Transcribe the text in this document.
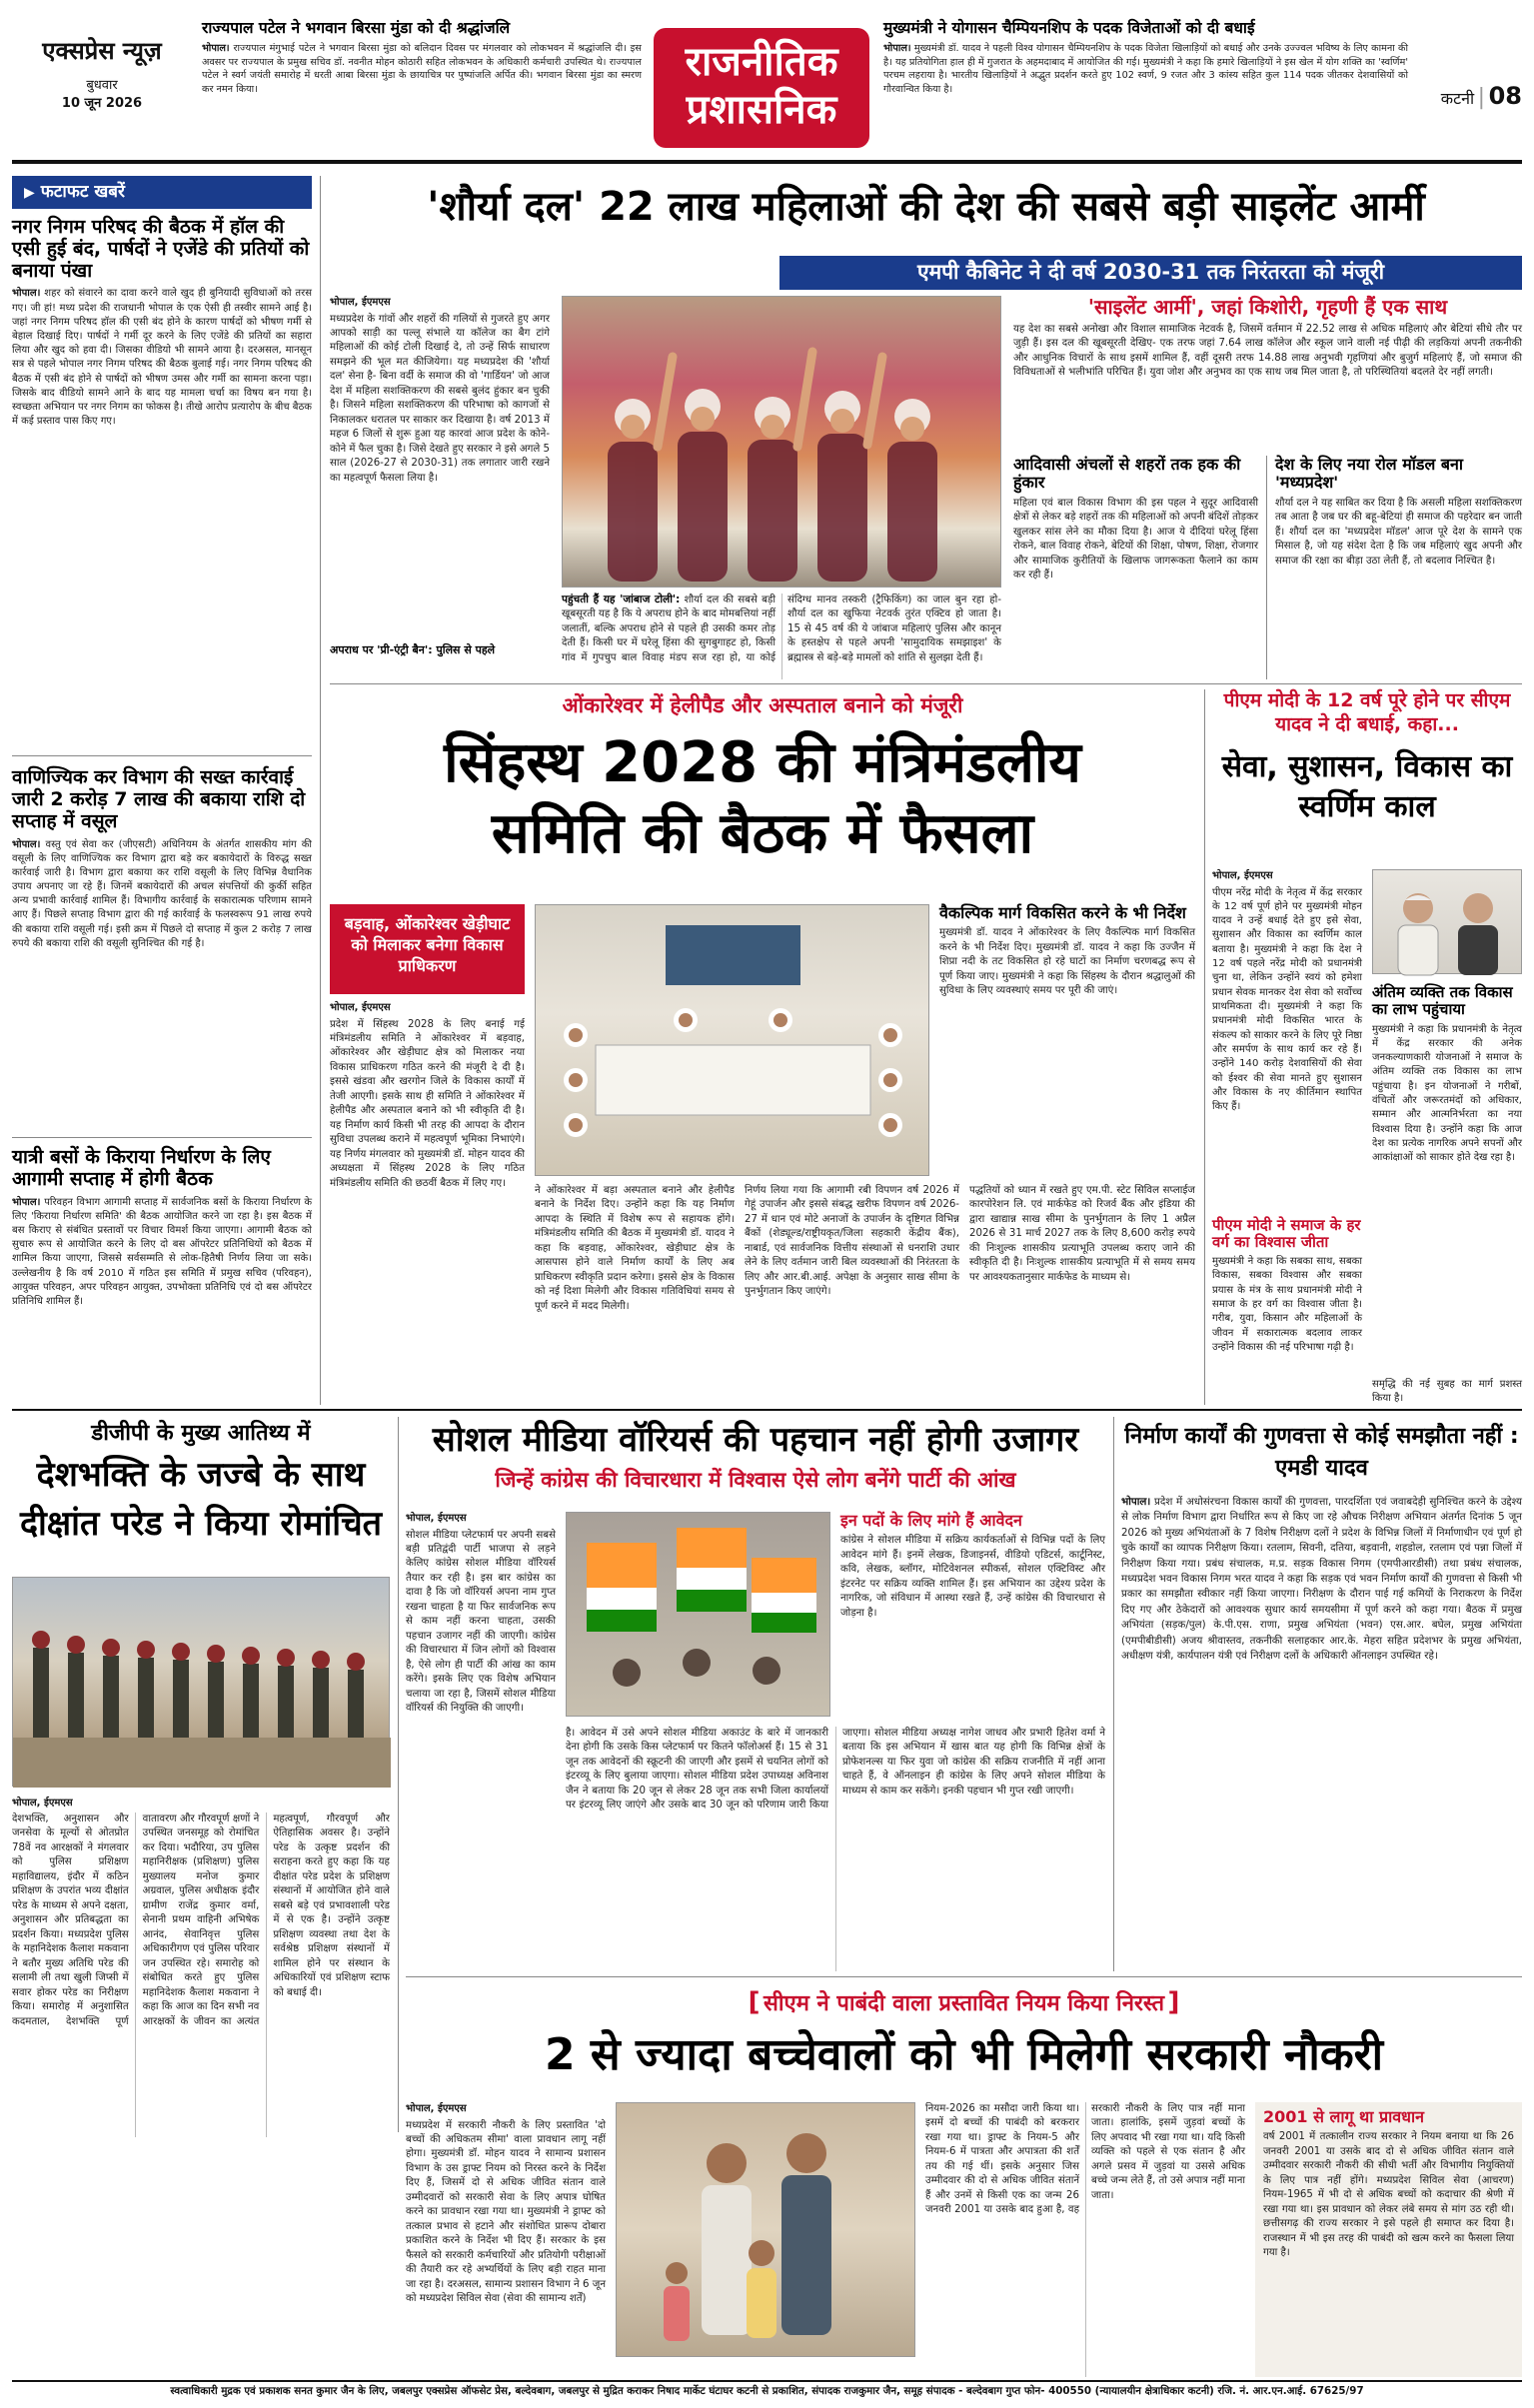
एक्सप्रेस न्यूज़
बुधवार
10 जून 2026
राज्यपाल पटेल ने भगवान बिरसा मुंडा को दी श्रद्धांजलि
भोपाल। राज्यपाल मंगुभाई पटेल ने भगवान बिरसा मुंडा को बलिदान दिवस पर मंगलवार को लोकभवन में श्रद्धांजलि दी। इस अवसर पर राज्यपाल के प्रमुख सचिव डॉ. नवनीत मोहन कोठारी सहित लोकभवन के अधिकारी कर्मचारी उपस्थित थे। राज्यपाल पटेल ने स्वर्ग जयंती समारोह में धरती आबा बिरसा मुंडा के छायाचित्र पर पुष्पांजलि अर्पित की। भगवान बिरसा मुंडा का स्मरण कर नमन किया।
राजनीतिक
प्रशासनिक
मुख्यमंत्री ने योगासन चैम्पियनशिप के पदक विजेताओं को दी बधाई
भोपाल। मुख्यमंत्री डॉ. यादव ने पहली विश्व योगासन चैम्पियनशिप के पदक विजेता खिलाड़ियों को बधाई और उनके उज्ज्वल भविष्य के लिए कामना की है। यह प्रतियोगिता हाल ही में गुजरात के अहमदाबाद में आयोजित की गई। मुख्यमंत्री ने कहा कि हमारे खिलाड़ियों ने इस खेल में योग शक्ति का 'स्वर्णिम' परचम लहराया है। भारतीय खिलाड़ियों ने अद्भुत प्रदर्शन करते हुए 102 स्वर्ण, 9 रजत और 3 कांस्य सहित कुल 114 पदक जीतकर देशवासियों को गौरवान्वित किया है।	कटनी | 08
▶ फटाफट खबरें
नगर निगम परिषद की बैठक में हॉल की एसी हुई बंद, पार्षदों ने एजेंडे की प्रतियों को बनाया पंखा
भोपाल। शहर को संवारने का दावा करने वाले खुद ही बुनियादी सुविधाओं को तरस गए। जी हां! मध्य प्रदेश की राजधानी भोपाल के एक ऐसी ही तस्वीर सामने आई है। जहां नगर निगम परिषद हॉल की एसी बंद होने के कारण पार्षदों को भीषण गर्मी से बेहाल दिखाई दिए। पार्षदों ने गर्मी दूर करने के लिए एजेंडे की प्रतियों का सहारा लिया और खुद को हवा दी। जिसका वीडियो भी सामने आया है। दरअसल, मानसून सत्र से पहले भोपाल नगर निगम परिषद की बैठक बुलाई गई। नगर निगम परिषद की बैठक में एसी बंद होने से पार्षदों को भीषण उमस और गर्मी का सामना करना पड़ा। जिसके बाद वीडियो सामने आने के बाद यह मामला चर्चा का विषय बन गया है। स्वच्छता अभियान पर नगर निगम का फोकस है। तीखे आरोप प्रत्यारोप के बीच बैठक में कई प्रस्ताव पास किए गए।
वाणिज्यिक कर विभाग की सख्त कार्रवाई जारी 2 करोड़ 7 लाख की बकाया राशि दो सप्ताह में वसूल
भोपाल। वस्तु एवं सेवा कर (जीएसटी) अधिनियम के अंतर्गत शासकीय मांग की वसूली के लिए वाणिज्यिक कर विभाग द्वारा बड़े कर बकायेदारों के विरुद्ध सख्त कार्रवाई जारी है। विभाग द्वारा बकाया कर राशि वसूली के लिए विभिन्न वैधानिक उपाय अपनाए जा रहे हैं। जिनमें बकायेदारों की अचल संपत्तियों की कुर्की सहित अन्य प्रभावी कार्रवाई शामिल हैं। विभागीय कार्रवाई के सकारात्मक परिणाम सामने आए हैं। पिछले सप्ताह विभाग द्वारा की गई कार्रवाई के फलस्वरूप 91 लाख रुपये की बकाया राशि वसूली गई। इसी क्रम में पिछले दो सप्ताह में कुल 2 करोड़ 7 लाख रुपये की बकाया राशि की वसूली सुनिश्चित की गई है।
यात्री बसों के किराया निर्धारण के लिए आगामी सप्ताह में होगी बैठक
भोपाल। परिवहन विभाग आगामी सप्ताह में सार्वजनिक बसों के किराया निर्धारण के लिए 'किराया निर्धारण समिति' की बैठक आयोजित करने जा रहा है। इस बैठक में बस किराए से संबंधित प्रस्तावों पर विचार विमर्श किया जाएगा। आगामी बैठक को सुचारु रूप से आयोजित करने के लिए दो बस ऑपरेटर प्रतिनिधियों को बैठक में शामिल किया जाएगा, जिससे सर्वसम्मति से लोक-हितैषी निर्णय लिया जा सके। उल्लेखनीय है कि वर्ष 2010 में गठित इस समिति में प्रमुख सचिव (परिवहन), आयुक्त परिवहन, अपर परिवहन आयुक्त, उपभोक्ता प्रतिनिधि एवं दो बस ऑपरेटर प्रतिनिधि शामिल हैं।
'शौर्या दल' 22 लाख महिलाओं की देश की सबसे बड़ी साइलेंट आर्मी
एमपी कैबिनेट ने दी वर्ष 2030-31 तक निरंतरता को मंजूरी
भोपाल, ईएमएस
मध्यप्रदेश के गांवों और शहरों की गलियों से गुजरते हुए अगर आपको साड़ी का पल्लू संभाले या कॉलेज का बैग टांगे महिलाओं की कोई टोली दिखाई दे, तो उन्हें सिर्फ साधारण समझने की भूल मत कीजियेगा। यह मध्यप्रदेश की 'शौर्या दल' सेना है- बिना वर्दी के समाज की वो 'गार्डियन' जो आज देश में महिला सशक्तिकरण की सबसे बुलंद हुंकार बन चुकी है। जिसने महिला सशक्तिकरण की परिभाषा को कागजों से निकालकर धरातल पर साकार कर दिखाया है। वर्ष 2013 में महज 6 जिलों से शुरू हुआ यह कारवां आज प्रदेश के कोने-कोने में फैल चुका है। जिसे देखते हुए सरकार ने इसे अगले 5 साल (2026-27 से 2030-31) तक लगातार जारी रखने का महत्वपूर्ण फैसला लिया है।
अपराध पर 'प्री-एंट्री बैन': पुलिस से पहले
पहुंचती हैं यह 'जांबाज टोली': शौर्या दल की सबसे बड़ी खूबसूरती यह है कि ये अपराध होने के बाद मोमबत्तियां नहीं जलातीं, बल्कि अपराध होने से पहले ही उसकी कमर तोड़ देती हैं। किसी घर में घरेलू हिंसा की सुगबुगाहट हो, किसी गांव में गुपचुप बाल विवाह मंडप सज रहा हो, या कोई संदिग्ध मानव तस्करी (ट्रैफिकिंग) का जाल बुन रहा हो-शौर्या दल का खुफिया नेटवर्क तुरंत एक्टिव हो जाता है। 15 से 45 वर्ष की ये जांबाज महिलाएं पुलिस और कानून के हस्तक्षेप से पहले अपनी 'सामुदायिक समझाइश' के ब्रह्मास्त्र से बड़े-बड़े मामलों को शांति से सुलझा देती हैं।
'साइलेंट आर्मी', जहां किशोरी, गृहणी हैं एक साथ
यह देश का सबसे अनोखा और विशाल सामाजिक नेटवर्क है, जिसमें वर्तमान में 22.52 लाख से अधिक महिलाएं और बेटियां सीधे तौर पर जुड़ी हैं। इस दल की खूबसूरती देखिए- एक तरफ जहां 7.64 लाख कॉलेज और स्कूल जाने वाली नई पीढ़ी की लड़कियां अपनी तकनीकी और आधुनिक विचारों के साथ इसमें शामिल हैं, वहीं दूसरी तरफ 14.88 लाख अनुभवी गृहणियां और बुजुर्ग महिलाएं हैं, जो समाज की विविधताओं से भलीभांति परिचित हैं। युवा जोश और अनुभव का एक साथ जब मिल जाता है, तो परिस्थितियां बदलते देर नहीं लगती।
आदिवासी अंचलों से शहरों तक हक की हुंकार
महिला एवं बाल विकास विभाग की इस पहल ने सुदूर आदिवासी क्षेत्रों से लेकर बड़े शहरों तक की महिलाओं को अपनी बंदिशें तोड़कर खुलकर सांस लेने का मौका दिया है। आज ये दीदियां घरेलू हिंसा रोकने, बाल विवाह रोकने, बेटियों की शिक्षा, पोषण, शिक्षा, रोजगार और सामाजिक कुरीतियों के खिलाफ जागरूकता फैलाने का काम कर रही हैं।
देश के लिए नया रोल मॉडल बना 'मध्यप्रदेश'
शौर्या दल ने यह साबित कर दिया है कि असली महिला सशक्तिकरण तब आता है जब घर की बहू-बेटियां ही समाज की पहरेदार बन जाती हैं। शौर्या दल का 'मध्यप्रदेश मॉडल' आज पूरे देश के सामने एक मिसाल है, जो यह संदेश देता है कि जब महिलाएं खुद अपनी और समाज की रक्षा का बीड़ा उठा लेती हैं, तो बदलाव निश्चित है।
ओंकारेश्वर में हेलीपैड और अस्पताल बनाने को मंजूरी
सिंहस्थ 2028 की मंत्रिमंडलीय
समिति की बैठक में फैसला
बड़वाह, ओंकारेश्वर खेड़ीघाट को मिलाकर बनेगा विकास प्राधिकरण
भोपाल, ईएमएस
प्रदेश में सिंहस्थ 2028 के लिए बनाई गई मंत्रिमंडलीय समिति ने ओंकारेश्वर में बड़वाह, ओंकारेश्वर और खेड़ीघाट क्षेत्र को मिलाकर नया विकास प्राधिकरण गठित करने की मंजूरी दे दी है। इससे खंडवा और खरगोन जिले के विकास कार्यों में तेजी आएगी। इसके साथ ही समिति ने ओंकारेश्वर में हेलीपैड और अस्पताल बनाने को भी स्वीकृति दी है। यह निर्माण कार्य किसी भी तरह की आपदा के दौरान सुविधा उपलब्ध कराने में महत्वपूर्ण भूमिका निभाएंगे। यह निर्णय मंगलवार को मुख्यमंत्री डॉ. मोहन यादव की अध्यक्षता में सिंहस्थ 2028 के लिए गठित मंत्रिमंडलीय समिति की छठवीं बैठक में लिए गए।
वैकल्पिक मार्ग विकसित करने के भी निर्देश
मुख्यमंत्री डॉ. यादव ने ओंकारेश्वर के लिए वैकल्पिक मार्ग विकसित करने के भी निर्देश दिए। मुख्यमंत्री डॉ. यादव ने कहा कि उज्जैन में शिप्रा नदी के तट विकसित हो रहे घाटों का निर्माण चरणबद्ध रूप से पूर्ण किया जाए। मुख्यमंत्री ने कहा कि सिंहस्थ के दौरान श्रद्धालुओं की सुविधा के लिए व्यवस्थाएं समय पर पूरी की जाएं।
ने ओंकारेश्वर में बड़ा अस्पताल बनाने और हेलीपैड बनाने के निर्देश दिए। उन्होंने कहा कि यह निर्माण आपदा के स्थिति में विशेष रूप से सहायक होंगे। मंत्रिमंडलीय समिति की बैठक में मुख्यमंत्री डॉ. यादव ने कहा कि बड़वाह, ओंकारेश्वर, खेड़ीघाट क्षेत्र के आसपास होने वाले निर्माण कार्यों के लिए अब प्राधिकरण स्वीकृति प्रदान करेगा। इससे क्षेत्र के विकास को नई दिशा मिलेगी और विकास गतिविधियां समय से पूर्ण करने में मदद मिलेगी।
निर्णय लिया गया कि आगामी रबी विपणन वर्ष 2026 में गेहूं उपार्जन और इससे संबद्ध खरीफ विपणन वर्ष 2026-27 में धान एवं मोटे अनाजों के उपार्जन के दृष्टिगत विभिन्न बैंकों (शेड्यूल्ड/राष्ट्रीयकृत/जिला सहकारी केंद्रीय बैंक), नाबार्ड, एवं सार्वजनिक वित्तीय संस्थाओं से धनराशि उधार लेने के लिए वर्तमान जारी बिल व्यवस्थाओं की निरंतरता के लिए और आर.बी.आई. अपेक्षा के अनुसार साख सीमा के पुनर्भुगतान किए जाएंगे।
पद्धतियों को ध्यान में रखते हुए एम.पी. स्टेट सिविल सप्लाईज कारपोरेशन लि. एवं मार्कफेड को रिजर्व बैंक और इंडिया की द्वारा खाद्यान्न साख सीमा के पुनर्भुगतान के लिए 1 अप्रैल 2026 से 31 मार्च 2027 तक के लिए 8,600 करोड़ रुपये की निःशुल्क शासकीय प्रत्याभूति उपलब्ध कराए जाने की स्वीकृति दी है। निःशुल्क शासकीय प्रत्याभूति में से समय समय पर आवश्यकतानुसार मार्कफेड के माध्यम से।
पीएम मोदी के 12 वर्ष पूरे होने पर सीएम यादव ने दी बधाई, कहा...
सेवा, सुशासन, विकास का स्वर्णिम काल
भोपाल, ईएमएस
पीएम नरेंद्र मोदी के नेतृत्व में केंद्र सरकार के 12 वर्ष पूर्ण होने पर मुख्यमंत्री मोहन यादव ने उन्हें बधाई देते हुए इसे सेवा, सुशासन और विकास का स्वर्णिम काल बताया है। मुख्यमंत्री ने कहा कि देश ने 12 वर्ष पहले नरेंद्र मोदी को प्रधानमंत्री चुना था, लेकिन उन्होंने स्वयं को हमेशा प्रधान सेवक मानकर देश सेवा को सर्वोच्च प्राथमिकता दी। मुख्यमंत्री ने कहा कि प्रधानमंत्री मोदी विकसित भारत के संकल्प को साकार करने के लिए पूरे निष्ठा और समर्पण के साथ कार्य कर रहे हैं। उन्होंने 140 करोड़ देशवासियों की सेवा को ईश्वर की सेवा मानते हुए सुशासन और विकास के नए कीर्तिमान स्थापित किए हैं।
पीएम मोदी ने समाज के हर वर्ग का विश्वास जीता
मुख्यमंत्री ने कहा कि सबका साथ, सबका विकास, सबका विश्वास और सबका प्रयास के मंत्र के साथ प्रधानमंत्री मोदी ने समाज के हर वर्ग का विश्वास जीता है। गरीब, युवा, किसान और महिलाओं के जीवन में सकारात्मक बदलाव लाकर उन्होंने विकास की नई परिभाषा गढ़ी है।
अंतिम व्यक्ति तक विकास का लाभ पहुंचाया
मुख्यमंत्री ने कहा कि प्रधानमंत्री के नेतृत्व में केंद्र सरकार की अनेक जनकल्याणकारी योजनाओं ने समाज के अंतिम व्यक्ति तक विकास का लाभ पहुंचाया है। इन योजनाओं ने गरीबों, वंचितों और जरूरतमंदों को अधिकार, सम्मान और आत्मनिर्भरता का नया विश्वास दिया है। उन्होंने कहा कि आज देश का प्रत्येक नागरिक अपने सपनों और आकांक्षाओं को साकार होते देख रहा है।
समृद्धि की नई सुबह का मार्ग प्रशस्त किया है।
डीजीपी के मुख्य आतिथ्य में
देशभक्ति के जज्बे के साथ
दीक्षांत परेड ने किया रोमांचित
भोपाल, ईएमएस
देशभक्ति, अनुशासन और जनसेवा के मूल्यों से ओतप्रोत 78वें नव आरक्षकों ने मंगलवार को पुलिस प्रशिक्षण महाविद्यालय, इंदौर में कठिन प्रशिक्षण के उपरांत भव्य दीक्षांत परेड के माध्यम से अपने दक्षता, अनुशासन और प्रतिबद्धता का प्रदर्शन किया। मध्यप्रदेश पुलिस के महानिदेशक कैलाश मकवाना ने बतौर मुख्य अतिथि परेड की सलामी ली तथा खुली जिप्सी में सवार होकर परेड का निरीक्षण किया। समारोह में अनुशासित कदमताल, देशभक्ति पूर्ण वातावरण और गौरवपूर्ण क्षणों ने उपस्थित जनसमूह को रोमांचित कर दिया। भदौरिया, उप पुलिस महानिरीक्षक (प्रशिक्षण) पुलिस मुख्यालय मनोज कुमार अग्रवाल, पुलिस अधीक्षक इंदौर ग्रामीण राजेंद्र कुमार वर्मा, सेनानी प्रथम वाहिनी अभिषेक आनंद, सेवानिवृत्त पुलिस अधिकारीगण एवं पुलिस परिवार जन उपस्थित रहे। समारोह को संबोधित करते हुए पुलिस महानिदेशक कैलाश मकवाना ने कहा कि आज का दिन सभी नव आरक्षकों के जीवन का अत्यंत महत्वपूर्ण, गौरवपूर्ण और ऐतिहासिक अवसर है। उन्होंने परेड के उत्कृष्ट प्रदर्शन की सराहना करते हुए कहा कि यह दीक्षांत परेड प्रदेश के प्रशिक्षण संस्थानों में आयोजित होने वाले सबसे बड़े एवं प्रभावशाली परेड में से एक है। उन्होंने उत्कृष्ट प्रशिक्षण व्यवस्था तथा देश के सर्वश्रेष्ठ प्रशिक्षण संस्थानों में शामिल होने पर संस्थान के अधिकारियों एवं प्रशिक्षण स्टाफ को बधाई दी।
सोशल मीडिया वॉरियर्स की पहचान नहीं होगी उजागर
जिन्हें कांग्रेस की विचारधारा में विश्वास ऐसे लोग बनेंगे पार्टी की आंख
भोपाल, ईएमएस
सोशल मीडिया प्लेटफार्म पर अपनी सबसे बड़ी प्रतिद्वंदी पार्टी भाजपा से लड़ने केलिए कांग्रेस सोशल मीडिया वॉरियर्स तैयार कर रही है। इस बार कांग्रेस का दावा है कि जो वॉरियर्स अपना नाम गुप्त रखना चाहता है या फिर सार्वजनिक रूप से काम नहीं करना चाहता, उसकी पहचान उजागर नहीं की जाएगी। कांग्रेस की विचारधारा में जिन लोगों को विश्वास है, ऐसे लोग ही पार्टी की आंख का काम करेंगे। इसके लिए एक विशेष अभियान चलाया जा रहा है, जिसमें सोशल मीडिया वॉरियर्स की नियुक्ति की जाएगी।
इन पदों के लिए मांगे हैं आवेदन
कांग्रेस ने सोशल मीडिया में सक्रिय कार्यकर्ताओं से विभिन्न पदों के लिए आवेदन मांगे हैं। इनमें लेखक, डिजाइनर्स, वीडियो एडिटर्स, कार्टूनिस्ट, कवि, लेखक, ब्लॉगर, मोटिवेशनल स्पीकर्स, सोशल एक्टिविस्ट और इंटरनेट पर सक्रिय व्यक्ति शामिल हैं। इस अभियान का उद्देश्य प्रदेश के नागरिक, जो संविधान में आस्था रखते हैं, उन्हें कांग्रेस की विचारधारा से जोड़ना है।
है। आवेदन में उसे अपने सोशल मीडिया अकाउंट के बारे में जानकारी देना होगी कि उसके किस प्लेटफार्म पर कितने फॉलोअर्स हैं। 15 से 31 जून तक आवेदनों की स्क्रूटनी की जाएगी और इसमें से चयनित लोगों को इंटरव्यू के लिए बुलाया जाएगा। सोशल मीडिया प्रदेश उपाध्यक्ष अविनाश जैन ने बताया कि 20 जून से लेकर 28 जून तक सभी जिला कार्यालयों पर इंटरव्यू लिए जाएंगे और उसके बाद 30 जून को परिणाम जारी किया जाएगा। सोशल मीडिया अध्यक्ष नागेश जाधव और प्रभारी हितेश वर्मा ने बताया कि इस अभियान में खास बात यह होगी कि विभिन्न क्षेत्रों के प्रोफेशनल्स या फिर युवा जो कांग्रेस की सक्रिय राजनीति में नहीं आना चाहते हैं, वे ऑनलाइन ही कांग्रेस के लिए अपने सोशल मीडिया के माध्यम से काम कर सकेंगे। इनकी पहचान भी गुप्त रखी जाएगी।
निर्माण कार्यों की गुणवत्ता से कोई समझौता नहीं : एमडी यादव
भोपाल। प्रदेश में अधोसंरचना विकास कार्यों की गुणवत्ता, पारदर्शिता एवं जवाबदेही सुनिश्चित करने के उद्देश्य से लोक निर्माण विभाग द्वारा निर्धारित रूप से किए जा रहे औचक निरीक्षण अभियान अंतर्गत दिनांक 5 जून 2026 को मुख्य अभियंताओं के 7 विशेष निरीक्षण दलों ने प्रदेश के विभिन्न जिलों में निर्माणाधीन एवं पूर्ण हो चुके कार्यों का व्यापक निरीक्षण किया। रतलाम, सिवनी, दतिया, बड़वानी, शहडोल, रतलाम एवं पन्ना जिलों में निरीक्षण किया गया। प्रबंध संचालक, म.प्र. सड़क विकास निगम (एमपीआरडीसी) तथा प्रबंध संचालक, मध्यप्रदेश भवन विकास निगम भरत यादव ने कहा कि सड़क एवं भवन निर्माण कार्यों की गुणवत्ता से किसी भी प्रकार का समझौता स्वीकार नहीं किया जाएगा। निरीक्षण के दौरान पाई गई कमियों के निराकरण के निर्देश दिए गए और ठेकेदारों को आवश्यक सुधार कार्य समयसीमा में पूर्ण करने को कहा गया। बैठक में प्रमुख अभियंता (सड़क/पुल) के.पी.एस. राणा, प्रमुख अभियंता (भवन) एस.आर. बघेल, प्रमुख अभियंता (एमपीबीडीसी) अजय श्रीवास्तव, तकनीकी सलाहकार आर.के. मेहरा सहित प्रदेशभर के प्रमुख अभियंता, अधीक्षण यंत्री, कार्यपालन यंत्री एवं निरीक्षण दलों के अधिकारी ऑनलाइन उपस्थित रहे।
[ सीएम ने पाबंदी वाला प्रस्तावित नियम किया निरस्त ]
2 से ज्यादा बच्चेवालों को भी मिलेगी सरकारी नौकरी
भोपाल, ईएमएस
मध्यप्रदेश में सरकारी नौकरी के लिए प्रस्तावित 'दो बच्चों की अधिकतम सीमा' वाला प्रावधान लागू नहीं होगा। मुख्यमंत्री डॉ. मोहन यादव ने सामान्य प्रशासन विभाग के उस ड्राफ्ट नियम को निरस्त करने के निर्देश दिए हैं, जिसमें दो से अधिक जीवित संतान वाले उम्मीदवारों को सरकारी सेवा के लिए अपात्र घोषित करने का प्रावधान रखा गया था। मुख्यमंत्री ने ड्राफ्ट को तत्काल प्रभाव से हटाने और संशोधित प्रारूप दोबारा प्रकाशित करने के निर्देश भी दिए हैं। सरकार के इस फैसले को सरकारी कर्मचारियों और प्रतियोगी परीक्षाओं की तैयारी कर रहे अभ्यर्थियों के लिए बड़ी राहत माना जा रहा है। दरअसल, सामान्य प्रशासन विभाग ने 6 जून को मध्यप्रदेश सिविल सेवा (सेवा की सामान्य शर्तें)
नियम-2026 का मसौदा जारी किया था। इसमें दो बच्चों की पाबंदी को बरकरार रखा गया था। ड्राफ्ट के नियम-5 और नियम-6 में पात्रता और अपात्रता की शर्तें तय की गई थीं। इसके अनुसार जिस उम्मीदवार की दो से अधिक जीवित संतानें हैं और उनमें से किसी एक का जन्म 26 जनवरी 2001 या उसके बाद हुआ है, वह सरकारी नौकरी के लिए पात्र नहीं माना जाता। हालांकि, इसमें जुड़वां बच्चों के लिए अपवाद भी रखा गया था। यदि किसी व्यक्ति को पहले से एक संतान है और अगले प्रसव में जुड़वां या उससे अधिक बच्चे जन्म लेते हैं, तो उसे अपात्र नहीं माना जाता।
2001 से लागू था प्रावधान
वर्ष 2001 में तत्कालीन राज्य सरकार ने नियम बनाया था कि 26 जनवरी 2001 या उसके बाद दो से अधिक जीवित संतान वाले उम्मीदवार सरकारी नौकरी की सीधी भर्ती और विभागीय नियुक्तियों के लिए पात्र नहीं होंगे। मध्यप्रदेश सिविल सेवा (आचरण) नियम-1965 में भी दो से अधिक बच्चों को कदाचार की श्रेणी में रखा गया था। इस प्रावधान को लेकर लंबे समय से मांग उठ रही थी। छत्तीसगढ़ की राज्य सरकार ने इसे पहले ही समाप्त कर दिया है। राजस्थान में भी इस तरह की पाबंदी को खत्म करने का फैसला लिया गया है।
स्वत्वाधिकारी मुद्रक एवं प्रकाशक सनत कुमार जैन के लिए, जबलपुर एक्सप्रेस ऑफसेट प्रेस, बल्देवबाग, जबलपुर से मुद्रित कराकर निषाद मार्केट घंटाघर कटनी से प्रकाशित, संपादक राजकुमार जैन, समूह संपादक - बल्देवबाग गुप्त फोन- 400550 (न्यायालयीन क्षेत्राधिकार कटनी) रजि. नं. आर.एन.आई. 67625/97
